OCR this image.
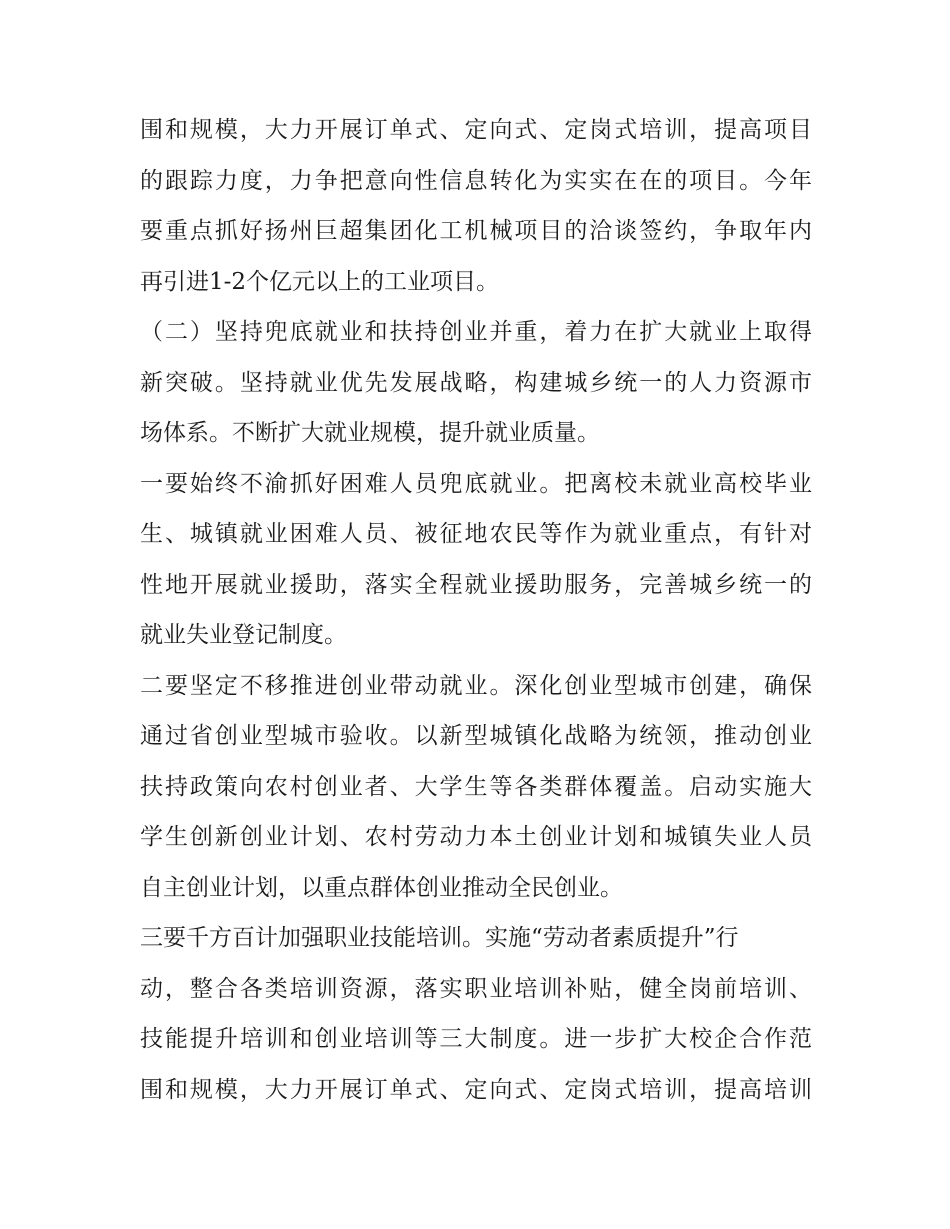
围和规模，大力开展订单式、定向式、定岗式培训，提高项目
的跟踪力度，力争把意向性信息转化为实实在在的项目。今年
要重点抓好扬州巨超集团化工机械项目的洽谈签约，争取年内
再引进1-2个亿元以上的工业项目。
（二）坚持兜底就业和扶持创业并重，着力在扩大就业上取得
新突破。坚持就业优先发展战略，构建城乡统一的人力资源市
场体系。不断扩大就业规模，提升就业质量。
一要始终不渝抓好困难人员兜底就业。把离校未就业高校毕业
生、城镇就业困难人员、被征地农民等作为就业重点，有针对
性地开展就业援助，落实全程就业援助服务，完善城乡统一的
就业失业登记制度。
二要坚定不移推进创业带动就业。深化创业型城市创建，确保
通过省创业型城市验收。以新型城镇化战略为统领，推动创业
扶持政策向农村创业者、大学生等各类群体覆盖。启动实施大
学生创新创业计划、农村劳动力本土创业计划和城镇失业人员
自主创业计划，以重点群体创业推动全民创业。
三要千方百计加强职业技能培训。实施“劳动者素质提升”行
动，整合各类培训资源，落实职业培训补贴，健全岗前培训、
技能提升培训和创业培训等三大制度。进一步扩大校企合作范
围和规模，大力开展订单式、定向式、定岗式培训，提高培训
